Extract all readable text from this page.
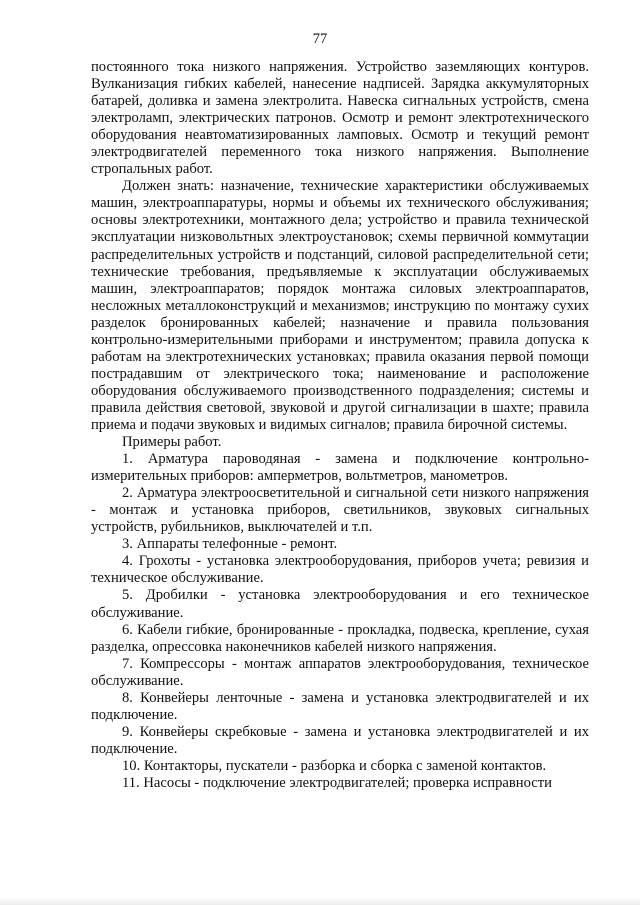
77

постоянного тока низкого напряжения. Устройство заземляющих контуров. Вулканизация гибких кабелей, нанесение надписей. Зарядка аккумуляторных батарей, доливка и замена электролита. Навеска сигнальных устройств, смена электроламп, электрических патронов. Осмотр и ремонт электротехнического оборудования неавтоматизированных ламповых. Осмотр и текущий ремонт электродвигателей переменного тока низкого напряжения. Выполнение стропальных работ.

Должен знать: назначение, технические характеристики обслуживаемых машин, электроаппаратуры, нормы и объемы их технического обслуживания; основы электротехники, монтажного дела; устройство и правила технической эксплуатации низковольтных электроустановок; схемы первичной коммутации распределительных устройств и подстанций, силовой распределительной сети; технические требования, предъявляемые к эксплуатации обслуживаемых машин, электроаппаратов; порядок монтажа силовых электроаппаратов, несложных металлоконструкций и механизмов; инструкцию по монтажу сухих разделок бронированных кабелей; назначение и правила пользования контрольно-измерительными приборами и инструментом; правила допуска к работам на электротехнических установках; правила оказания первой помощи пострадавшим от электрического тока; наименование и расположение оборудования обслуживаемого производственного подразделения; системы и правила действия световой, звуковой и другой сигнализации в шахте; правила приема и подачи звуковых и видимых сигналов; правила бирочной системы.

Примеры работ.

1. Арматура пароводяная - замена и подключение контрольно-измерительных приборов: амперметров, вольтметров, манометров.

2. Арматура электроосветительной и сигнальной сети низкого напряжения - монтаж и установка приборов, светильников, звуковых сигнальных устройств, рубильников, выключателей и т.п.

3. Аппараты телефонные - ремонт.

4. Грохоты - установка электрооборудования, приборов учета; ревизия и техническое обслуживание.

5. Дробилки - установка электрооборудования и его техническое обслуживание.

6. Кабели гибкие, бронированные - прокладка, подвеска, крепление, сухая разделка, опрессовка наконечников кабелей низкого напряжения.

7. Компрессоры - монтаж аппаратов электрооборудования, техническое обслуживание.

8. Конвейеры ленточные - замена и установка электродвигателей и их подключение.

9. Конвейеры скребковые - замена и установка электродвигателей и их подключение.

10. Контакторы, пускатели - разборка и сборка с заменой контактов.

11. Насосы - подключение электродвигателей; проверка исправности
